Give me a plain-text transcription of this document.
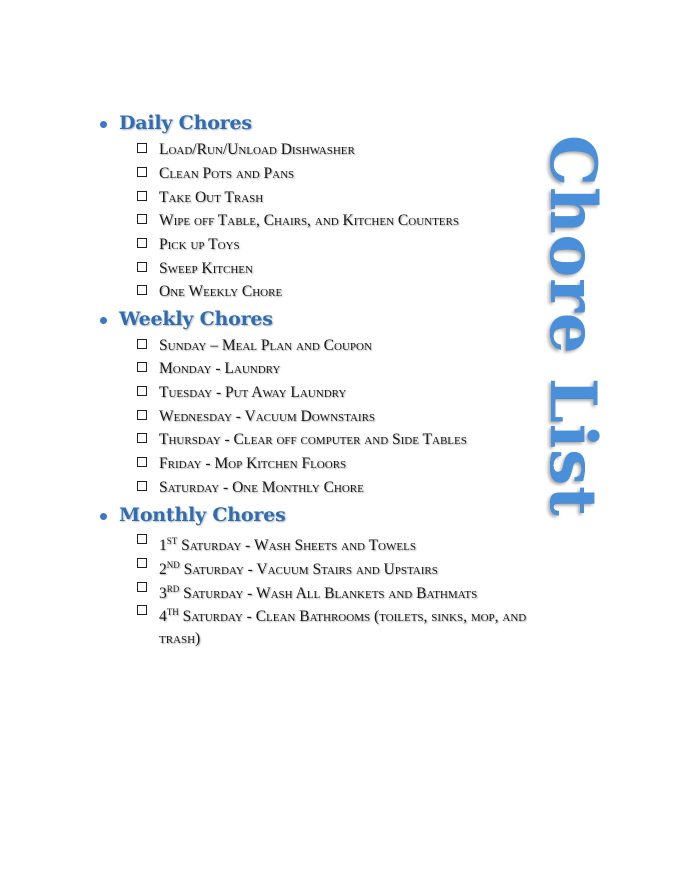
Daily Chores
Load/Run/Unload Dishwasher
Clean Pots and Pans
Take Out Trash
Wipe off Table, Chairs, and Kitchen Counters
Pick up Toys
Sweep Kitchen
One Weekly Chore
Weekly Chores
Sunday – Meal Plan and Coupon
Monday - Laundry
Tuesday - Put Away Laundry
Wednesday - Vacuum Downstairs
Thursday - Clear off computer and Side Tables
Friday - Mop Kitchen Floors
Saturday - One Monthly Chore
Monthly Chores
1ST Saturday - Wash Sheets and Towels
2ND Saturday - Vacuum Stairs and Upstairs
3RD Saturday - Wash All Blankets and Bathmats
4TH Saturday - Clean Bathrooms (toilets, sinks, mop, and trash)
Chore List
